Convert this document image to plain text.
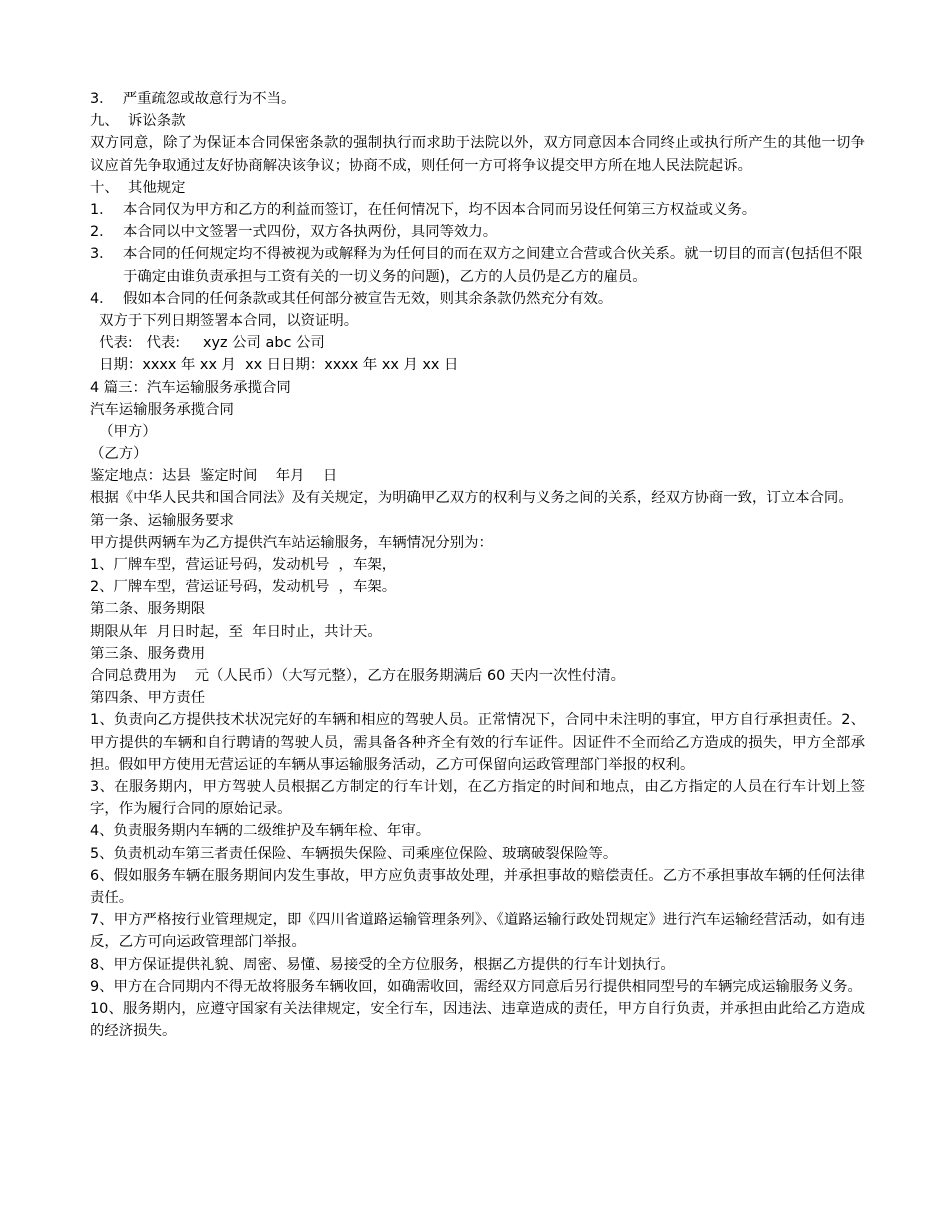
3．  严重疏忽或故意行为不当。
九、  诉讼条款
双方同意，除了为保证本合同保密条款的强制执行而求助于法院以外，双方同意因本合同终止或执行所产生的其他一切争议应首先争取通过友好协商解决该争议；协商不成，则任何一方可将争议提交甲方所在地人民法院起诉。
十、  其他规定
1． 本合同仅为甲方和乙方的利益而签订，在任何情况下，均不因本合同而另设任何第三方权益或义务。
2． 本合同以中文签署一式四份，双方各执两份，具同等效力。
3． 本合同的任何规定均不得被视为或解释为为任何目的而在双方之间建立合营或合伙关系。就一切目的而言(包括但不限于确定由谁负责承担与工资有关的一切义务的问题)，乙方的人员仍是乙方的雇员。
4． 假如本合同的任何条款或其任何部分被宣告无效，则其余条款仍然充分有效。
双方于下列日期签署本合同，以资证明。
代表:   代表:     xyz 公司 abc 公司
日期：xxxx 年 xx 月  xx 日日期：xxxx 年 xx 月 xx 日
4 篇三：汽车运输服务承揽合同
汽车运输服务承揽合同
（甲方）
（乙方）
鉴定地点：达县  鉴定时间    年月    日
根据《中华人民共和国合同法》及有关规定，为明确甲乙双方的权利与义务之间的关系，经双方协商一致，订立本合同。
第一条、运输服务要求
甲方提供两辆车为乙方提供汽车站运输服务，车辆情况分别为：
1、厂牌车型，营运证号码，发动机号  ，车架，
2、厂牌车型，营运证号码，发动机号  ，车架。
第二条、服务期限
期限从年  月日时起，至  年日时止，共计天。
第三条、服务费用
合同总费用为    元（人民币）（大写元整），乙方在服务期满后 60 天内一次性付清。
第四条、甲方责任
1、负责向乙方提供技术状况完好的车辆和相应的驾驶人员。正常情况下，合同中未注明的事宜，甲方自行承担责任。2、甲方提供的车辆和自行聘请的驾驶人员，需具备各种齐全有效的行车证件。因证件不全而给乙方造成的损失，甲方全部承担。假如甲方使用无营运证的车辆从事运输服务活动，乙方可保留向运政管理部门举报的权利。
3、在服务期内，甲方驾驶人员根据乙方制定的行车计划，在乙方指定的时间和地点，由乙方指定的人员在行车计划上签字，作为履行合同的原始记录。
4、负责服务期内车辆的二级维护及车辆年检、年审。
5、负责机动车第三者责任保险、车辆损失保险、司乘座位保险、玻璃破裂保险等。
6、假如服务车辆在服务期间内发生事故，甲方应负责事故处理，并承担事故的赔偿责任。乙方不承担事故车辆的任何法律责任。
7、甲方严格按行业管理规定，即《四川省道路运输管理条列》、《道路运输行政处罚规定》进行汽车运输经营活动，如有违反，乙方可向运政管理部门举报。
8、甲方保证提供礼貌、周密、易懂、易接受的全方位服务，根据乙方提供的行车计划执行。
9、甲方在合同期内不得无故将服务车辆收回，如确需收回，需经双方同意后另行提供相同型号的车辆完成运输服务义务。
10、服务期内，应遵守国家有关法律规定，安全行车，因违法、违章造成的责任，甲方自行负责，并承担由此给乙方造成的经济损失。
